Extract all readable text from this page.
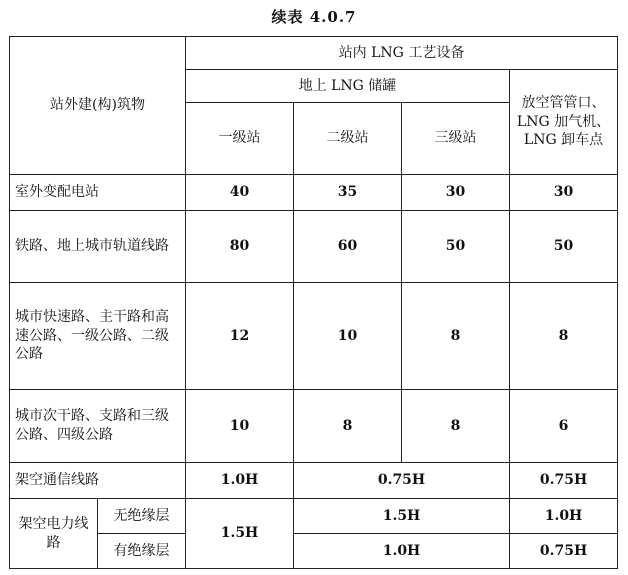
续表 4.0.7
站外建(构)筑物		站内 LNG 工艺设备			
		地上 LNG 储罐			放空管管口、LNG 加气机、LNG 卸车点
		一级站	二级站	三级站	
室外变配电站		40	35	30	30
铁路、地上城市轨道线路		80	60	50	50
城市快速路、主干路和高速公路、一级公路、二级公路		12	10	8	8
城市次干路、支路和三级公路、四级公路		10	8	8	6
架空通信线路		1.0H	0.75H		0.75H
架空电力线路	无绝缘层	1.5H	1.5H		1.0H
	有绝缘层		1.0H		0.75H
